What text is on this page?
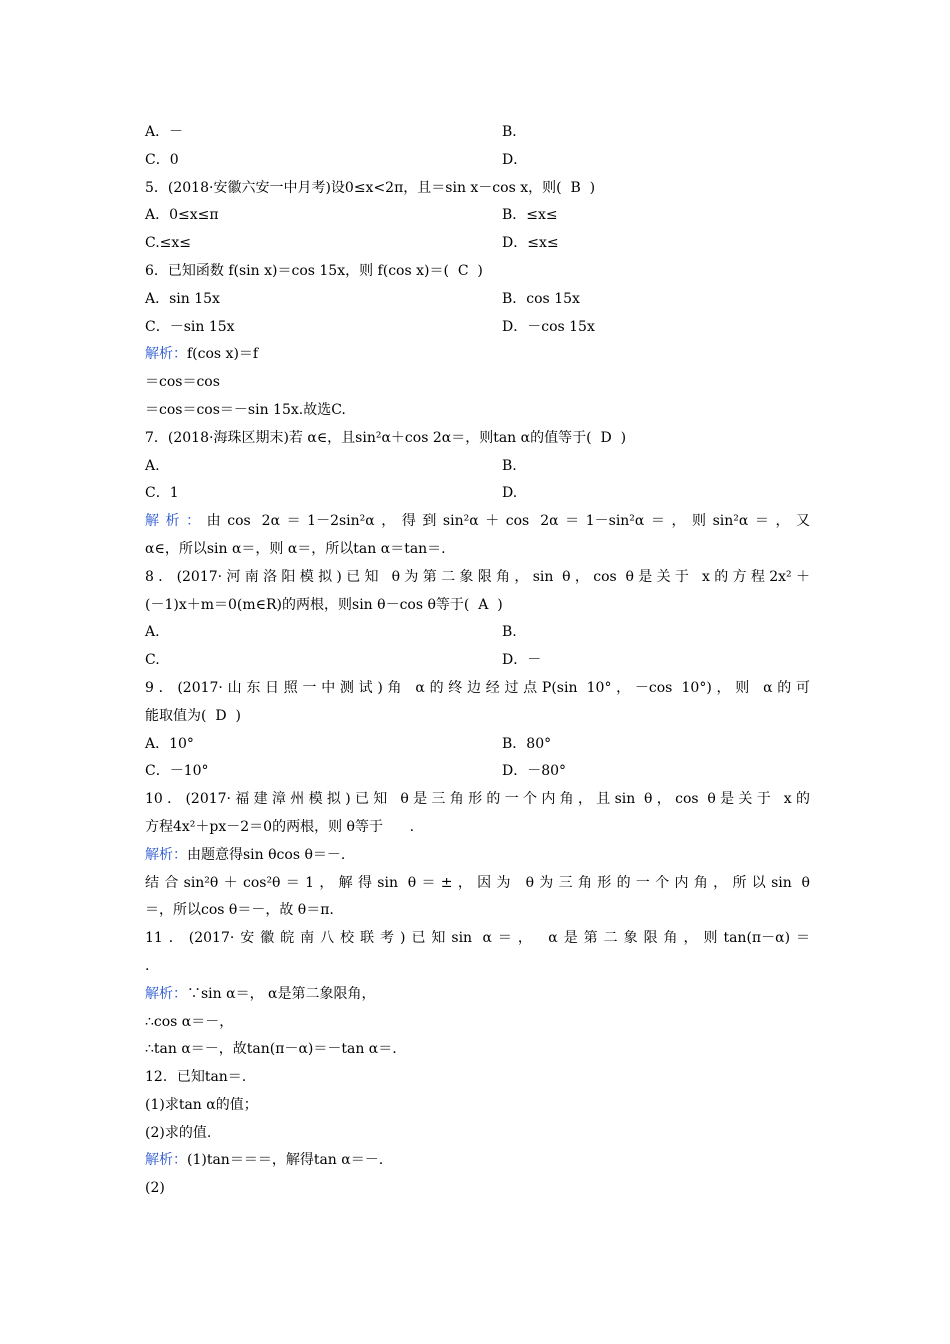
A．－	B．
C．0	D．
5．(2018·安徽六安一中月考)设0≤x<2π，且＝sin x－cos x，则(  B  )
A．0≤x≤π	B．≤x≤
C.≤x≤	D．≤x≤
6．已知函数 f(sin x)＝cos 15x，则 f(cos x)＝(  C  )
A．sin 15x	B．cos 15x
C．－sin 15x	D．－cos 15x
解析：f(cos x)＝f
＝cos＝cos
＝cos＝cos＝－sin 15x.故选C.
7．(2018·海珠区期末)若 α∈，且sin²α＋cos 2α＝，则tan α的值等于(  D  )
A.	B.
C．1	D.
解析：由cos 2α＝1－2sin²α，得到sin²α＋cos 2α＝1－sin²α＝，则sin²α＝，又
α∈，所以sin α＝，则 α＝，所以tan α＝tan＝.
8．(2017·河南洛阳模拟)已知 θ为第二象限角，sin θ，cos θ是关于 x的方程2x²＋
(－1)x＋m＝0(m∈R)的两根，则sin θ－cos θ等于(  A  )
A.	B.
C.	D．－
9．(2017·山东日照一中测试)角 α的终边经过点P(sin 10°，－cos 10°)，则 α的可
能取值为(  D  )
A．10°	B．80°
C．－10°	D．－80°
10．(2017·福建漳州模拟)已知 θ是三角形的一个内角，且sin θ，cos θ是关于 x的
方程4x²＋px－2＝0的两根，则 θ等于      .
解析：由题意得sin θcos θ＝－.
结合sin²θ＋cos²θ＝1，解得sin θ＝±，因为 θ为三角形的一个内角，所以sin θ
＝，所以cos θ＝－，故 θ＝π.
11．(2017·安徽皖南八校联考)已知sin α＝， α是第二象限角，则tan(π－α)＝
.
解析：∵sin α＝， α是第二象限角，
∴cos α＝－，
∴tan α＝－，故tan(π－α)＝－tan α＝.
12．已知tan＝.
(1)求tan α的值；
(2)求的值.
解析：(1)tan＝＝＝，解得tan α＝－.
(2)
